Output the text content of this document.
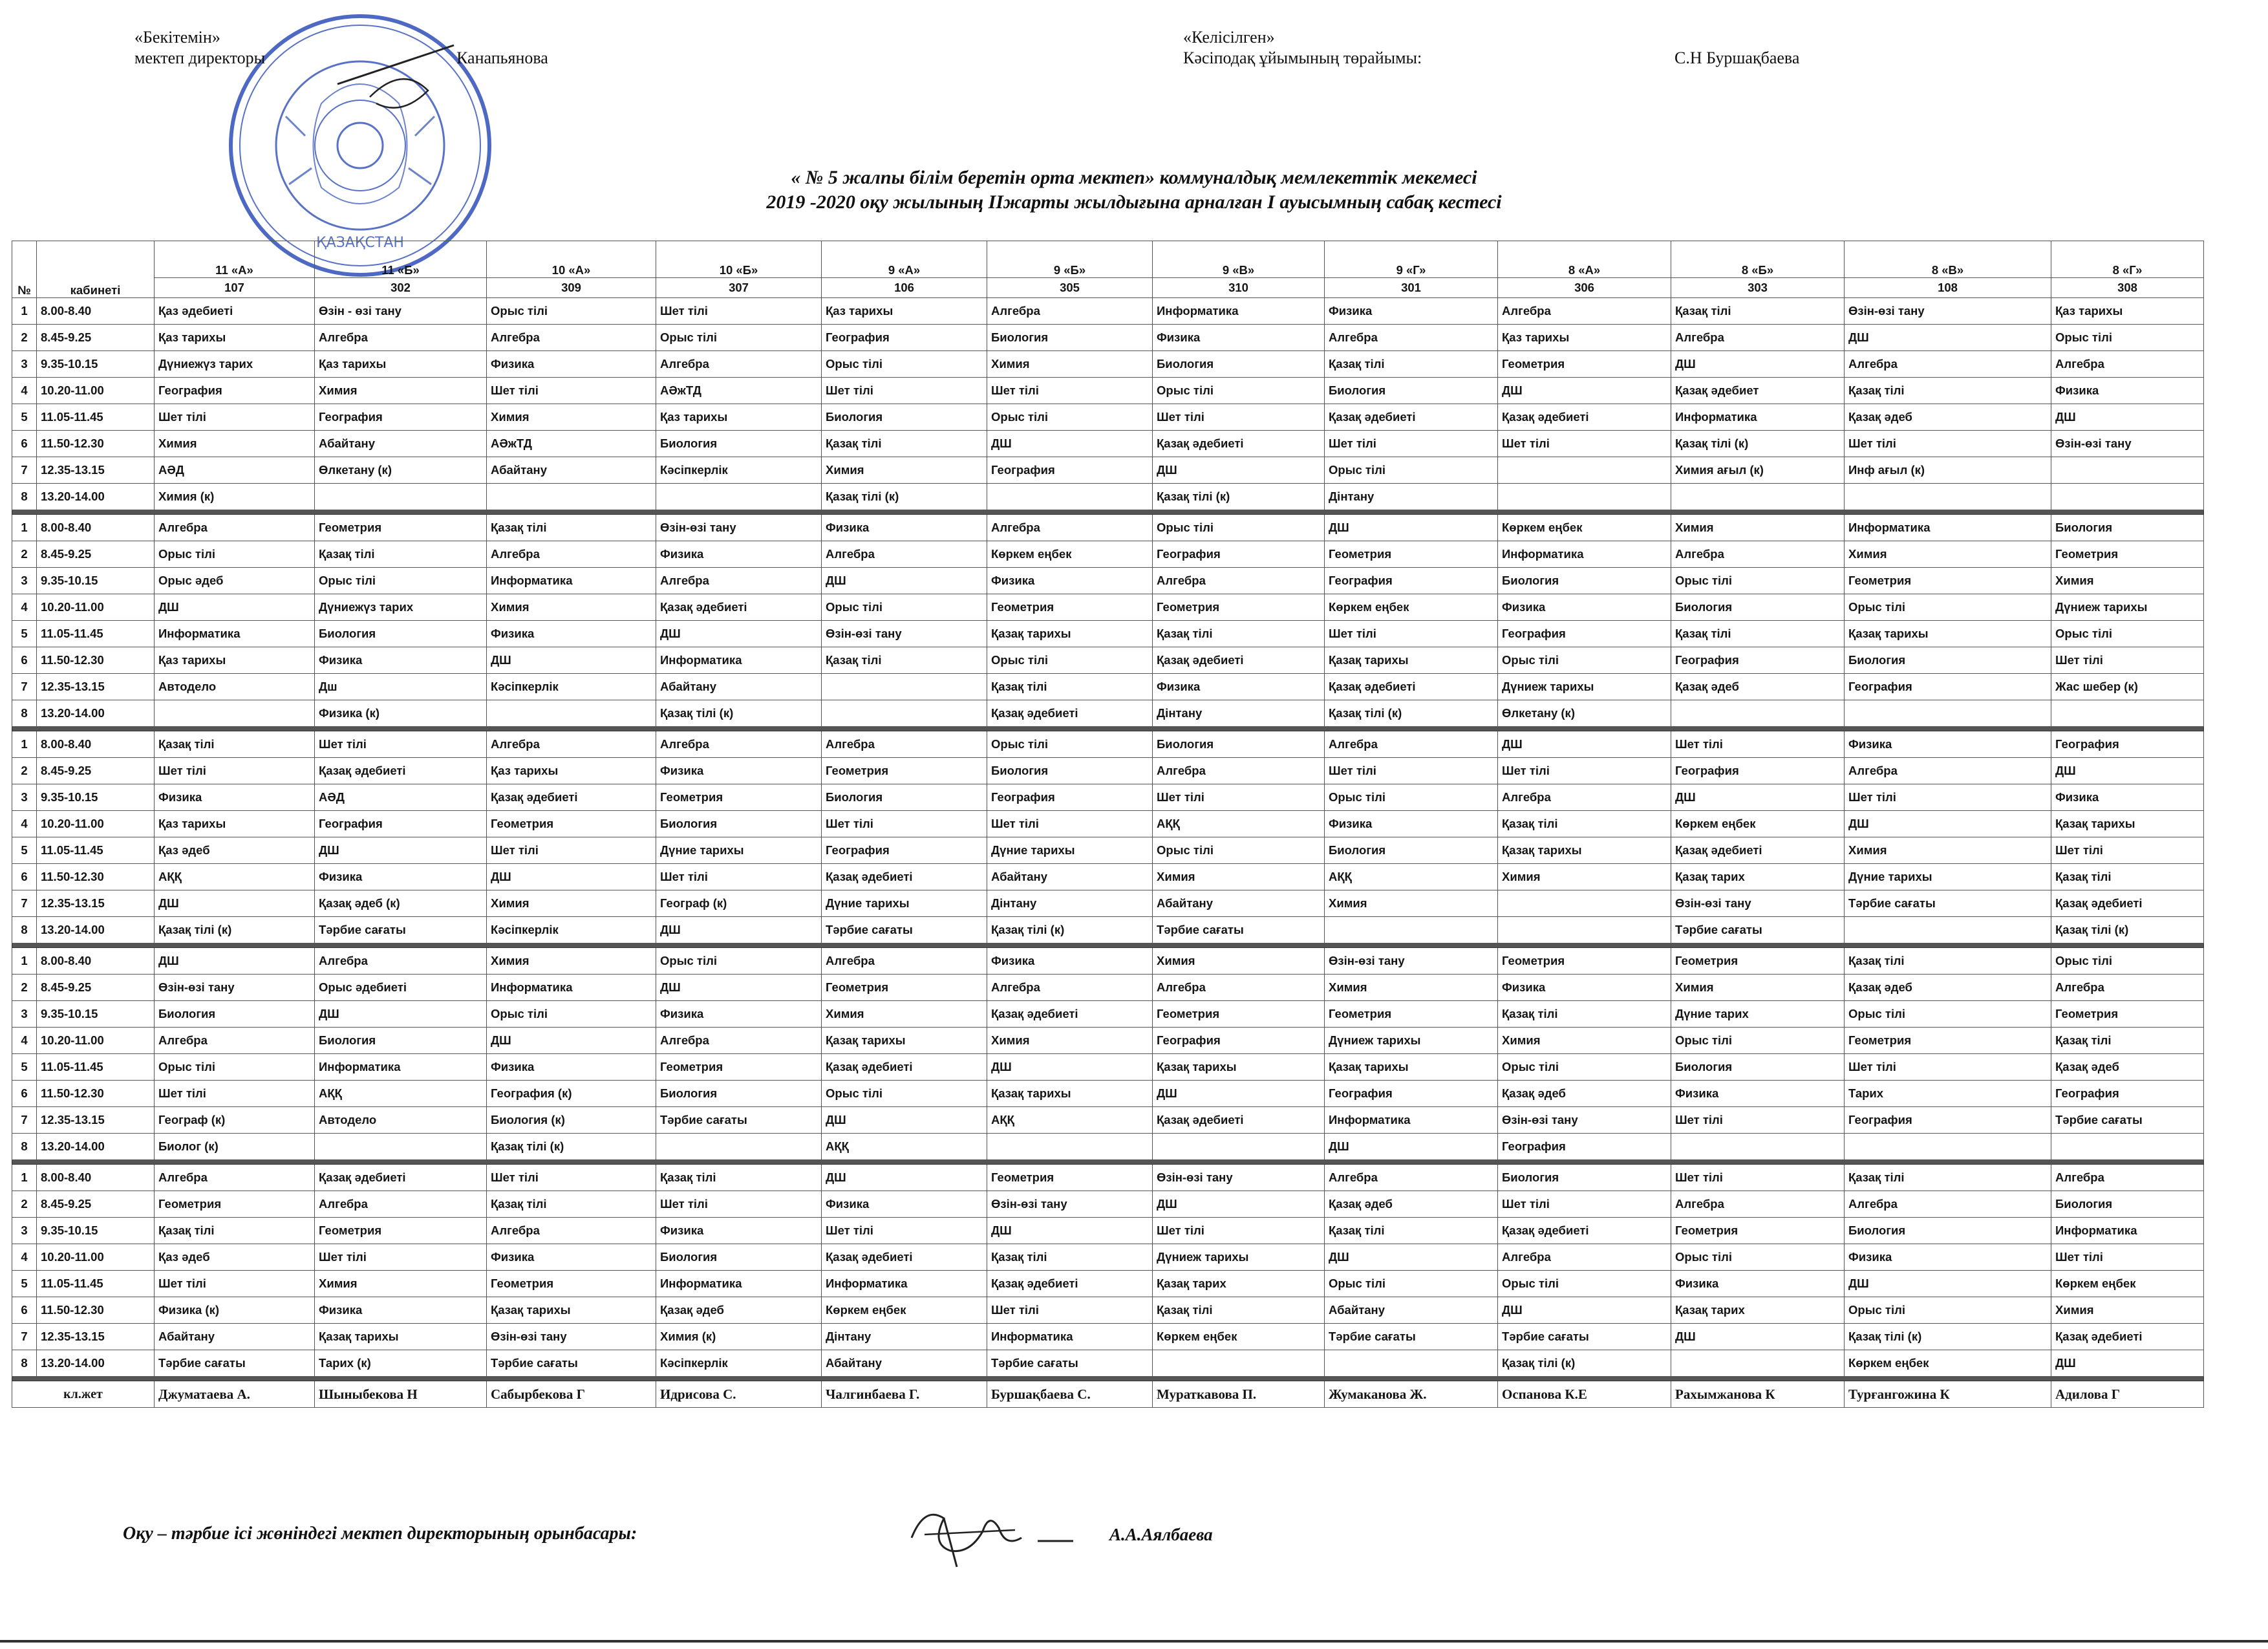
ҚАЗАҚСТАН
«Бекітемін»
мектеп директоры	Канапьянова
«Келісілген»
Кәсіподақ ұйымының төрайымы:	С.Н Буршақбаева
« № 5 жалпы білім беретін орта мектеп» коммуналдық мемлекеттік мекемесі
2019 -2020 оқу жылының ІІжарты жылдығына арналған І ауысымның сабақ кестесі
№	кабинеті	11 «А»	11 «Б»	10 «А»	10 «Б»	9 «А»	9 «Б»	9 «В»	9 «Г»	8 «А»	8 «Б»	8 «В»	8 «Г»
		107	302	309	307	106	305	310	301	306	303	108	308
1	8.00-8.40	Қаз әдебиеті	Өзін - өзі тану	Орыс тілі	Шет тілі	Қаз тарихы	Алгебра	Информатика	Физика	Алгебра	Қазақ тілі	Өзін-өзі тану	Қаз тарихы
2	8.45-9.25	Қаз тарихы	Алгебра	Алгебра	Орыс тілі	География	Биология	Физика	Алгебра	Қаз тарихы	Алгебра	ДШ	Орыс тілі
3	9.35-10.15	Дүниежүз тарих	Қаз тарихы	Физика	Алгебра	Орыс тілі	Химия	Биология	Қазақ тілі	Геометрия	ДШ	Алгебра	Алгебра
4	10.20-11.00	География	Химия	Шет тілі	АӘжТД	Шет тілі	Шет тілі	Орыс тілі	Биология	ДШ	Қазақ әдебиет	Қазақ тілі	Физика
5	11.05-11.45	Шет тілі	География	Химия	Қаз тарихы	Биология	Орыс тілі	Шет тілі	Қазақ әдебиеті	Қазақ әдебиеті	Информатика	Қазақ әдеб	ДШ
6	11.50-12.30	Химия	Абайтану	АӘжТД	Биология	Қазақ тілі	ДШ	Қазақ әдебиеті	Шет тілі	Шет тілі	Қазақ тілі (к)	Шет тілі	Өзін-өзі тану
7	12.35-13.15	АӘД	Өлкетану (к)	Абайтану	Кәсіпкерлік	Химия	География	ДШ	Орыс тілі		Химия ағыл (к)	Инф ағыл (к)	
8	13.20-14.00	Химия (к)				Қазақ тілі (к)		Қазақ тілі (к)	Дінтану				

1	8.00-8.40	Алгебра	Геометрия	Қазақ тілі	Өзін-өзі тану	Физика	Алгебра	Орыс тілі	ДШ	Көркем еңбек	Химия	Информатика	Биология
2	8.45-9.25	Орыс тілі	Қазақ тілі	Алгебра	Физика	Алгебра	Көркем еңбек	География	Геометрия	Информатика	Алгебра	Химия	Геометрия
3	9.35-10.15	Орыс әдеб	Орыс тілі	Информатика	Алгебра	ДШ	Физика	Алгебра	География	Биология	Орыс тілі	Геометрия	Химия
4	10.20-11.00	ДШ	Дүниежүз тарих	Химия	Қазақ әдебиеті	Орыс тілі	Геометрия	Геометрия	Көркем еңбек	Физика	Биология	Орыс тілі	Дүниеж тарихы
5	11.05-11.45	Информатика	Биология	Физика	ДШ	Өзін-өзі тану	Қазақ тарихы	Қазақ тілі	Шет тілі	География	Қазақ тілі	Қазақ тарихы	Орыс тілі
6	11.50-12.30	Қаз тарихы	Физика	ДШ	Информатика	Қазақ тілі	Орыс тілі	Қазақ әдебиеті	Қазақ тарихы	Орыс тілі	География	Биология	Шет тілі
7	12.35-13.15	Автодело	Дш	Кәсіпкерлік	Абайтану		Қазақ тілі	Физика	Қазақ әдебиеті	Дүниеж тарихы	Қазақ әдеб	География	Жас шебер (к)
8	13.20-14.00		Физика (к)		Қазақ тілі (к)		Қазақ әдебиеті	Дінтану	Қазақ тілі (к)	Өлкетану (к)			

1	8.00-8.40	Қазақ тілі	Шет тілі	Алгебра	Алгебра	Алгебра	Орыс тілі	Биология	Алгебра	ДШ	Шет тілі	Физика	География
2	8.45-9.25	Шет тілі	Қазақ әдебиеті	Қаз тарихы	Физика	Геометрия	Биология	Алгебра	Шет тілі	Шет тілі	География	Алгебра	ДШ
3	9.35-10.15	Физика	АӘД	Қазақ әдебиеті	Геометрия	Биология	География	Шет тілі	Орыс тілі	Алгебра	ДШ	Шет тілі	Физика
4	10.20-11.00	Қаз тарихы	География	Геометрия	Биология	Шет тілі	Шет тілі	АҚҚ	Физика	Қазақ тілі	Көркем еңбек	ДШ	Қазақ тарихы
5	11.05-11.45	Қаз әдеб	ДШ	Шет тілі	Дүние тарихы	География	Дүние тарихы	Орыс тілі	Биология	Қазақ тарихы	Қазақ әдебиеті	Химия	Шет тілі
6	11.50-12.30	АҚҚ	Физика	ДШ	Шет тілі	Қазақ әдебиеті	Абайтану	Химия	АҚҚ	Химия	Қазақ тарих	Дүние тарихы	Қазақ тілі
7	12.35-13.15	ДШ	Қазақ әдеб (к)	Химия	Географ (к)	Дүние тарихы	Дінтану	Абайтану	Химия		Өзін-өзі тану	Тәрбие сағаты	Қазақ әдебиеті
8	13.20-14.00	Қазақ тілі (к)	Тәрбие сағаты	Кәсіпкерлік	ДШ	Тәрбие сағаты	Қазақ тілі (к)	Тәрбие сағаты			Тәрбие сағаты		Қазақ тілі (к)

1	8.00-8.40	ДШ	Алгебра	Химия	Орыс тілі	Алгебра	Физика	Химия	Өзін-өзі тану	Геометрия	Геометрия	Қазақ тілі	Орыс тілі
2	8.45-9.25	Өзін-өзі тану	Орыс әдебиеті	Информатика	ДШ	Геометрия	Алгебра	Алгебра	Химия	Физика	Химия	Қазақ әдеб	Алгебра
3	9.35-10.15	Биология	ДШ	Орыс тілі	Физика	Химия	Қазақ әдебиеті	Геометрия	Геометрия	Қазақ тілі	Дүние тарих	Орыс тілі	Геометрия
4	10.20-11.00	Алгебра	Биология	ДШ	Алгебра	Қазақ тарихы	Химия	География	Дүниеж тарихы	Химия	Орыс тілі	Геометрия	Қазақ тілі
5	11.05-11.45	Орыс тілі	Информатика	Физика	Геометрия	Қазақ әдебиеті	ДШ	Қазақ тарихы	Қазақ тарихы	Орыс тілі	Биология	Шет тілі	Қазақ әдеб
6	11.50-12.30	Шет тілі	АҚҚ	География (к)	Биология	Орыс тілі	Қазақ тарихы	ДШ	География	Қазақ әдеб	Физика	Тарих	География
7	12.35-13.15	Географ (к)	Автодело	Биология (к)	Тәрбие сағаты	ДШ	АҚҚ	Қазақ әдебиеті	Информатика	Өзін-өзі тану	Шет тілі	География	Тәрбие сағаты
8	13.20-14.00	Биолог (к)		Қазақ тілі (к)		АҚҚ			ДШ	География			

1	8.00-8.40	Алгебра	Қазақ әдебиеті	Шет тілі	Қазақ тілі	ДШ	Геометрия	Өзін-өзі тану	Алгебра	Биология	Шет тілі	Қазақ тілі	Алгебра
2	8.45-9.25	Геометрия	Алгебра	Қазақ тілі	Шет тілі	Физика	Өзін-өзі тану	ДШ	Қазақ әдеб	Шет тілі	Алгебра	Алгебра	Биология
3	9.35-10.15	Қазақ тілі	Геометрия	Алгебра	Физика	Шет тілі	ДШ	Шет тілі	Қазақ тілі	Қазақ әдебиеті	Геометрия	Биология	Информатика
4	10.20-11.00	Қаз әдеб	Шет тілі	Физика	Биология	Қазақ әдебиеті	Қазақ тілі	Дүниеж тарихы	ДШ	Алгебра	Орыс тілі	Физика	Шет тілі
5	11.05-11.45	Шет тілі	Химия	Геометрия	Информатика	Информатика	Қазақ әдебиеті	Қазақ тарих	Орыс тілі	Орыс тілі	Физика	ДШ	Көркем еңбек
6	11.50-12.30	Физика (к)	Физика	Қазақ тарихы	Қазақ әдеб	Көркем еңбек	Шет тілі	Қазақ тілі	Абайтану	ДШ	Қазақ тарих	Орыс тілі	Химия
7	12.35-13.15	Абайтану	Қазақ тарихы	Өзін-өзі тану	Химия (к)	Дінтану	Информатика	Көркем еңбек	Тәрбие сағаты	Тәрбие сағаты	ДШ	Қазақ тілі (к)	Қазақ әдебиеті
8	13.20-14.00	Тәрбие сағаты	Тарих (к)	Тәрбие сағаты	Кәсіпкерлік	Абайтану	Тәрбие сағаты			Қазақ тілі (к)		Көркем еңбек	ДШ

кл.жет		Джуматаева А.	Шыныбекова Н	Сабырбекова Г	Идрисова С.	Чалгинбаева Г.	Буршақбаева С.	Мураткавова П.	Жумаканова Ж.	Оспанова К.Е	Рахымжанова К	Турғангожина К	Адилова Г
Оқу – тәрбие ісі жөніндегі мектеп директорының орынбасары:	А.А.Аялбаева
